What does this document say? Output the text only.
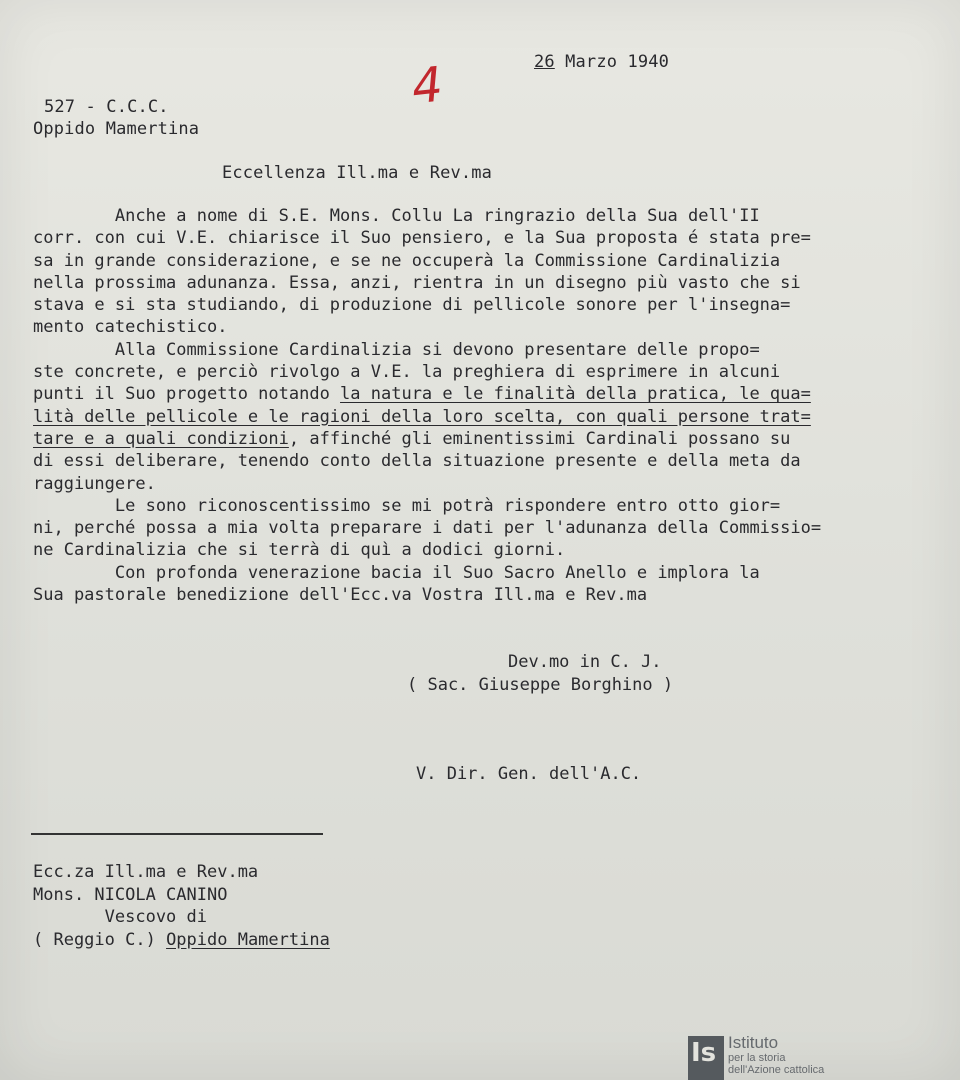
26 Marzo 1940
4
527 - C.C.C.
Oppido Mamertina
Eccellenza Ill.ma e Rev.ma
Anche a nome di S.E. Mons. Collu La ringrazio della Sua dell'II
corr. con cui V.E. chiarisce il Suo pensiero, e la Sua proposta é stata pre=
sa in grande considerazione, e se ne occuperà la Commissione Cardinalizia
nella prossima adunanza. Essa, anzi, rientra in un disegno più vasto che si
stava e si sta studiando, di produzione di pellicole sonore per l'insegna=
mento catechistico.
Alla Commissione Cardinalizia si devono presentare delle propo=
ste concrete, e perciò rivolgo a V.E. la preghiera di esprimere in alcuni
punti il Suo progetto notando la natura e le finalità della pratica, le qua=
lità delle pellicole e le ragioni della loro scelta, con quali persone trat=
tare e a quali condizioni, affinché gli eminentissimi Cardinali possano su
di essi deliberare, tenendo conto della situazione presente e della meta da
raggiungere.
Le sono riconoscentissimo se mi potrà rispondere entro otto gior=
ni, perché possa a mia volta preparare i dati per l'adunanza della Commissio=
ne Cardinalizia che si terrà di quì a dodici giorni.
Con profonda venerazione bacia il Suo Sacro Anello e implora la
Sua pastorale benedizione dell'Ecc.va Vostra Ill.ma e Rev.ma
Dev.mo in C. J.
( Sac. Giuseppe Borghino )
V. Dir. Gen. dell'A.C.
Ecc.za Ill.ma e Rev.ma
Mons. NICOLA CANINO
Vescovo di
( Reggio C.) Oppido Mamertina
Is Istituto
per la storia
dell'Azione cattolica
